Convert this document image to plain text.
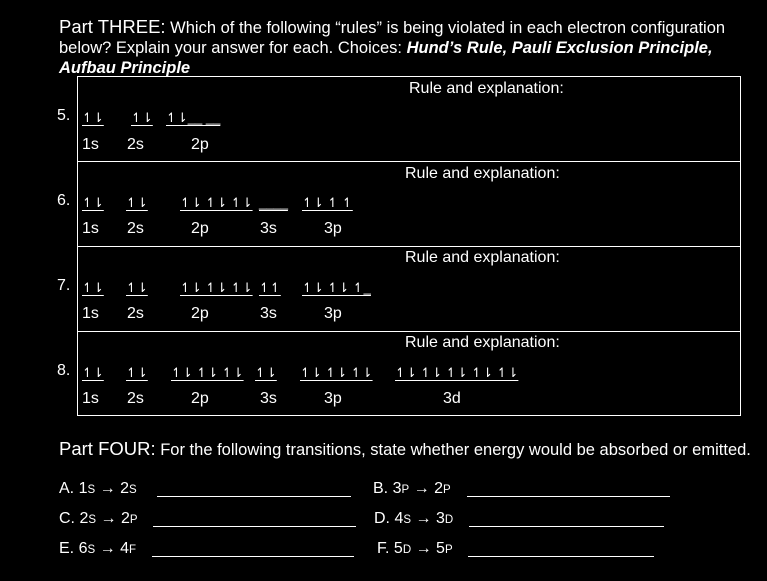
Part THREE: Which of the following “rules” is being violated in each electron configuration below? Explain your answer for each. Choices: Hund’s Rule, Pauli Exclusion Principle, Aufbau Principle
Rule and explanation:
5. ↿⇂ ↿⇂ ↿⇂__ __
1s 2s	2p
Rule and explanation:
6. ↿⇂ ↿⇂ ↿⇂ ↿⇂ ↿⇂ ____ ↿⇂ ↿ ↿
1s 2s	2p	3s	3p
Rule and explanation:
7. ↿⇂ ↿⇂ ↿⇂ ↿⇂ ↿⇂ ↿↿ ↿⇂ ↿⇂ ↿_
1s 2s	2p	3s	3p
Rule and explanation:
8. ↿⇂ ↿⇂ ↿⇂ ↿⇂ ↿⇂ ↿⇂ ↿⇂ ↿⇂ ↿⇂ ↿⇂ ↿⇂ ↿⇂ ↿⇂ ↿⇂
1s 2s	2p	3s	3p	3d
Part FOUR: For the following transitions, state whether energy would be absorbed or emitted.
A. 1S → 2S	B. 3P → 2P
C. 2S → 2P	D. 4S → 3D
E. 6S → 4F	F. 5D → 5P
